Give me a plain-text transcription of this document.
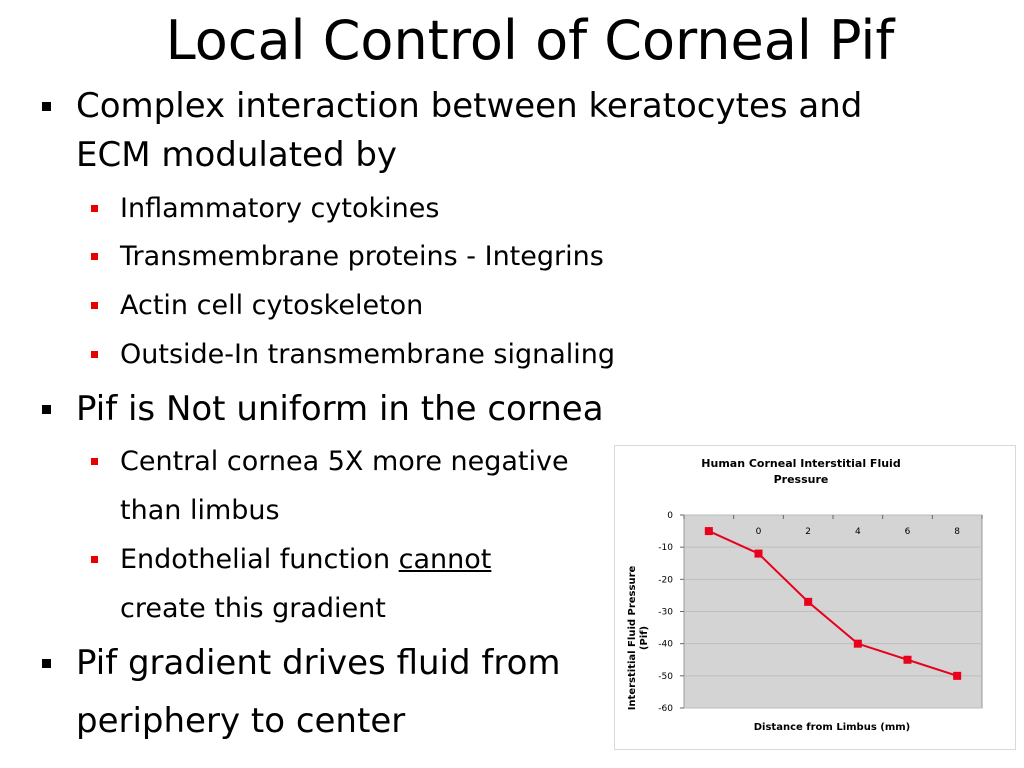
Local Control of Corneal Pif
Complex interaction between keratocytes and
ECM modulated by
Inflammatory cytokines
Transmembrane proteins - Integrins
Actin cell cytoskeleton
Outside-In transmembrane signaling
Pif is Not uniform in the cornea
Central cornea 5X more negative
than limbus
Endothelial function cannot
create this gradient
Pif gradient drives fluid from
periphery to center
Human Corneal Interstitial Fluid
Pressure
0
-10
-20
-30
-40
-50
-60
0	2	4	6	8
Distance from Limbus (mm)
Interstitial Fluid Pressure (Pif)
